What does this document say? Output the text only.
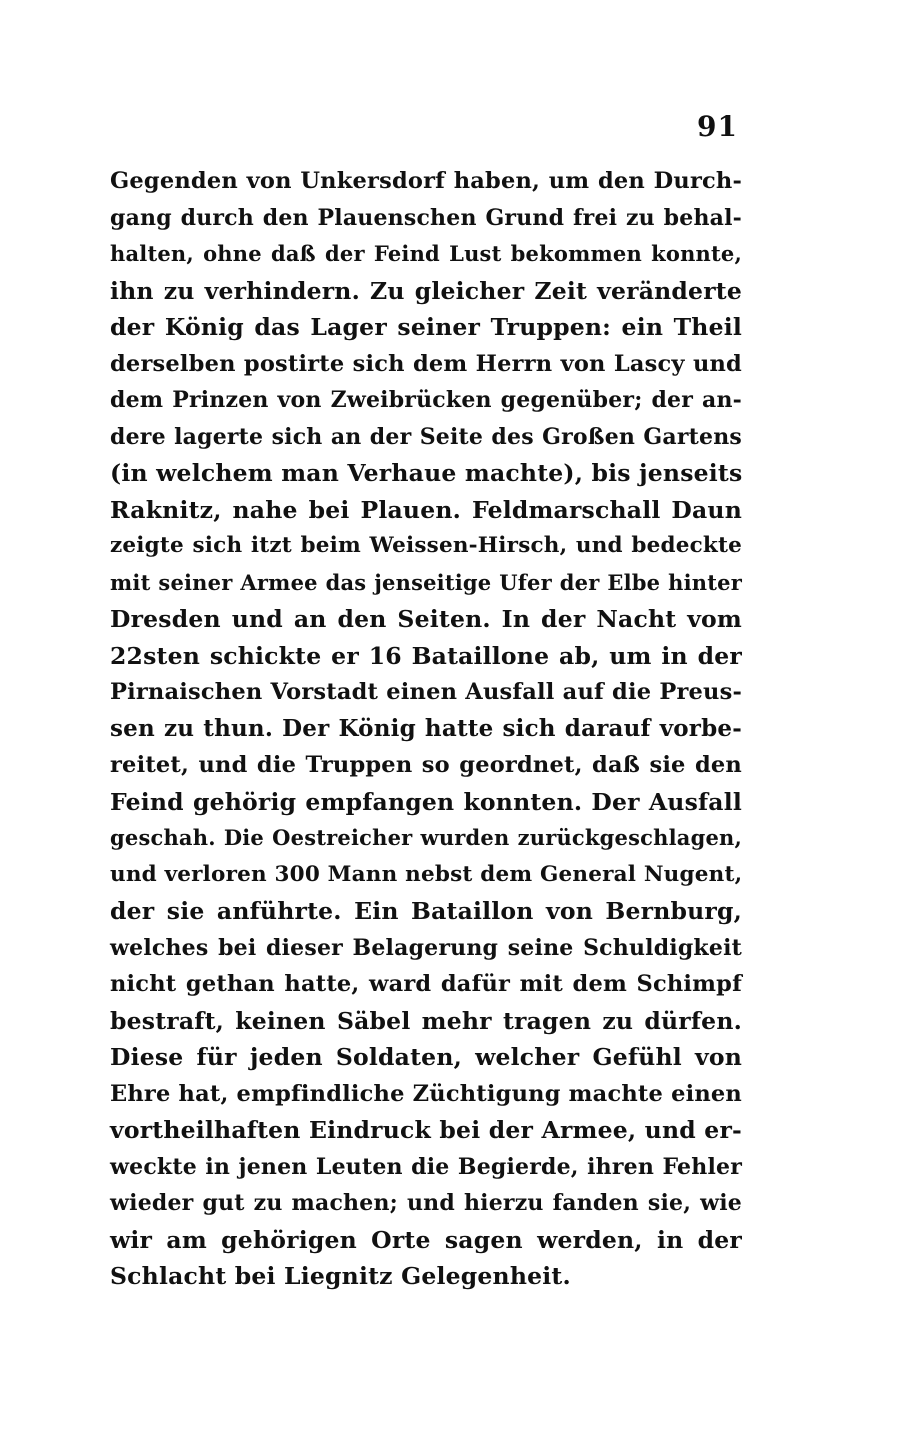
91
Gegenden von Unkersdorf haben, um den Durch-
gang durch den Plauenschen Grund frei zu behal-
halten, ohne daß der Feind Lust bekommen konnte,
ihn zu verhindern. Zu gleicher Zeit veränderte
der König das Lager seiner Truppen: ein Theil
derselben postirte sich dem Herrn von Lascy und
dem Prinzen von Zweibrücken gegenüber; der an-
dere lagerte sich an der Seite des Großen Gartens
(in welchem man Verhaue machte), bis jenseits
Raknitz, nahe bei Plauen. Feldmarschall Daun
zeigte sich itzt beim Weissen-Hirsch, und bedeckte
mit seiner Armee das jenseitige Ufer der Elbe hinter
Dresden und an den Seiten. In der Nacht vom
22sten schickte er 16 Bataillone ab, um in der
Pirnaischen Vorstadt einen Ausfall auf die Preus-
sen zu thun. Der König hatte sich darauf vorbe-
reitet, und die Truppen so geordnet, daß sie den
Feind gehörig empfangen konnten. Der Ausfall
geschah. Die Oestreicher wurden zurückgeschlagen,
und verloren 300 Mann nebst dem General Nugent,
der sie anführte. Ein Bataillon von Bernburg,
welches bei dieser Belagerung seine Schuldigkeit
nicht gethan hatte, ward dafür mit dem Schimpf
bestraft, keinen Säbel mehr tragen zu dürfen.
Diese für jeden Soldaten, welcher Gefühl von
Ehre hat, empfindliche Züchtigung machte einen
vortheilhaften Eindruck bei der Armee, und er-
weckte in jenen Leuten die Begierde, ihren Fehler
wieder gut zu machen; und hierzu fanden sie, wie
wir am gehörigen Orte sagen werden, in der
Schlacht bei Liegnitz Gelegenheit.
